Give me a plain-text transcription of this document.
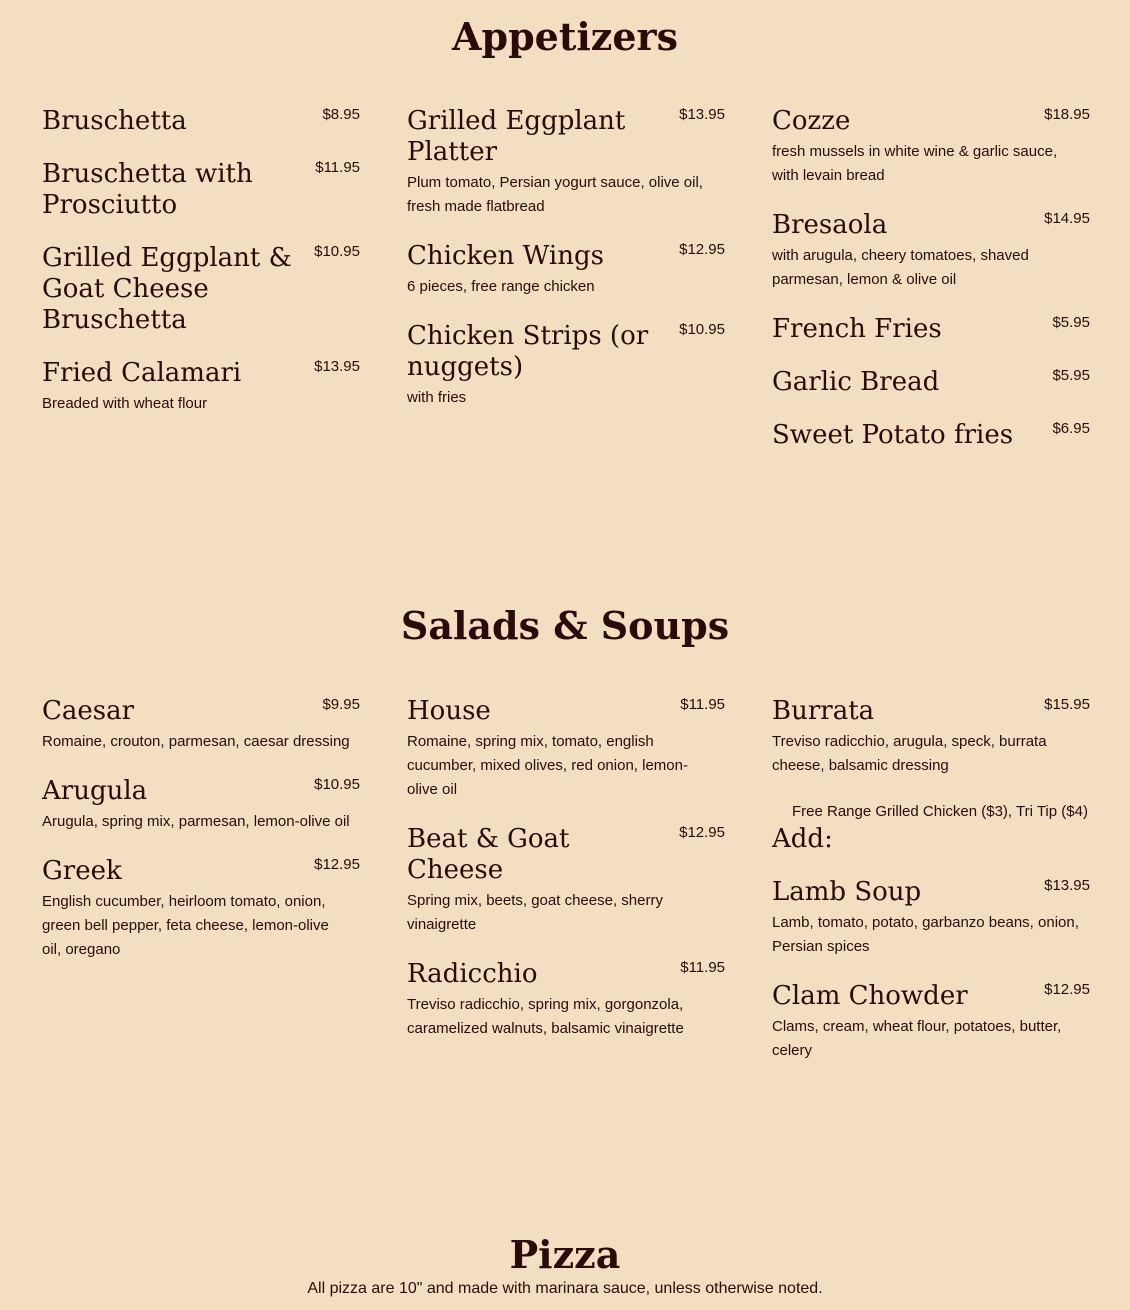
Appetizers
Bruschetta	$8.95
Bruschetta with Prosciutto
$11.95
Grilled Eggplant & Goat Cheese Bruschetta
$10.95
Fried Calamari	$13.95
Breaded with wheat flour
Grilled Eggplant Platter
$13.95
Plum tomato, Persian yogurt sauce, olive oil, fresh made flatbread
Chicken Wings	$12.95
6 pieces, free range chicken
Chicken Strips (or nuggets)
$10.95
with fries
Cozze	$18.95
fresh mussels in white wine & garlic sauce, with levain bread
Bresaola	$14.95
with arugula, cheery tomatoes, shaved parmesan, lemon & olive oil
French Fries	$5.95
Garlic Bread	$5.95
Sweet Potato fries	$6.95
Salads & Soups
Caesar	$9.95
Romaine, crouton, parmesan, caesar dressing
Arugula	$10.95
Arugula, spring mix, parmesan, lemon-olive oil
Greek	$12.95
English cucumber, heirloom tomato, onion, green bell pepper, feta cheese, lemon-olive oil, oregano
House	$11.95
Romaine, spring mix, tomato, english cucumber, mixed olives, red onion, lemon-olive oil
Beat & Goat Cheese
$12.95
Spring mix, beets, goat cheese, sherry vinaigrette
Radicchio	$11.95
Treviso radicchio, spring mix, gorgonzola, caramelized walnuts, balsamic vinaigrette
Burrata	$15.95
Treviso radicchio, arugula, speck, burrata cheese, balsamic dressing
Free Range Grilled Chicken ($3), Tri Tip ($4)
Add:
Lamb Soup	$13.95
Lamb, tomato, potato, garbanzo beans, onion, Persian spices
Clam Chowder	$12.95
Clams, cream, wheat flour, potatoes, butter, celery
Pizza
All pizza are 10" and made with marinara sauce, unless otherwise noted.
